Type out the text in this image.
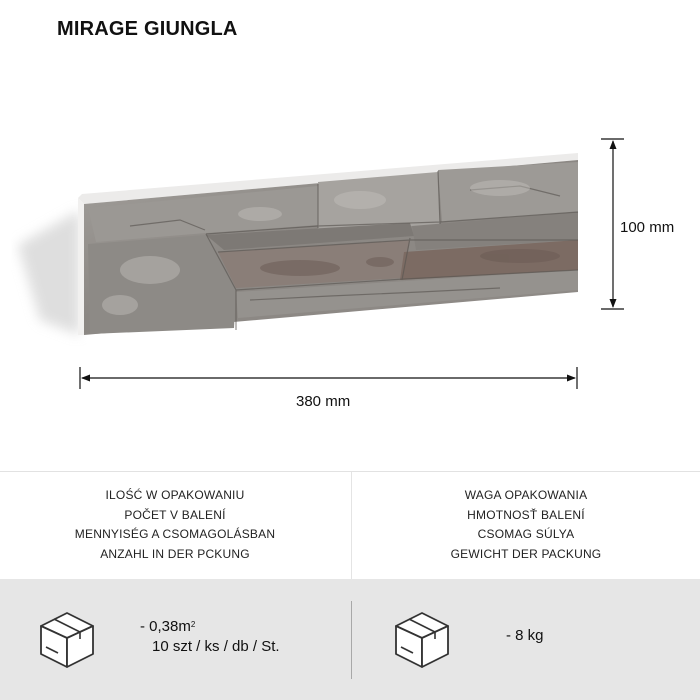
MIRAGE GIUNGLA
380 mm
100 mm
ILOŚĆ W OPAKOWANIU
POČET V BALENÍ
MENNYISÉG A CSOMAGOLÁSBAN
ANZAHL IN DER PCKUNG
WAGA OPAKOWANIA
HMOTNOSŤ BALENÍ
CSOMAG SÚLYA
GEWICHT DER PACKUNG
- $0,38m^2$
10 szt / ks / db / St.
- 8 kg
